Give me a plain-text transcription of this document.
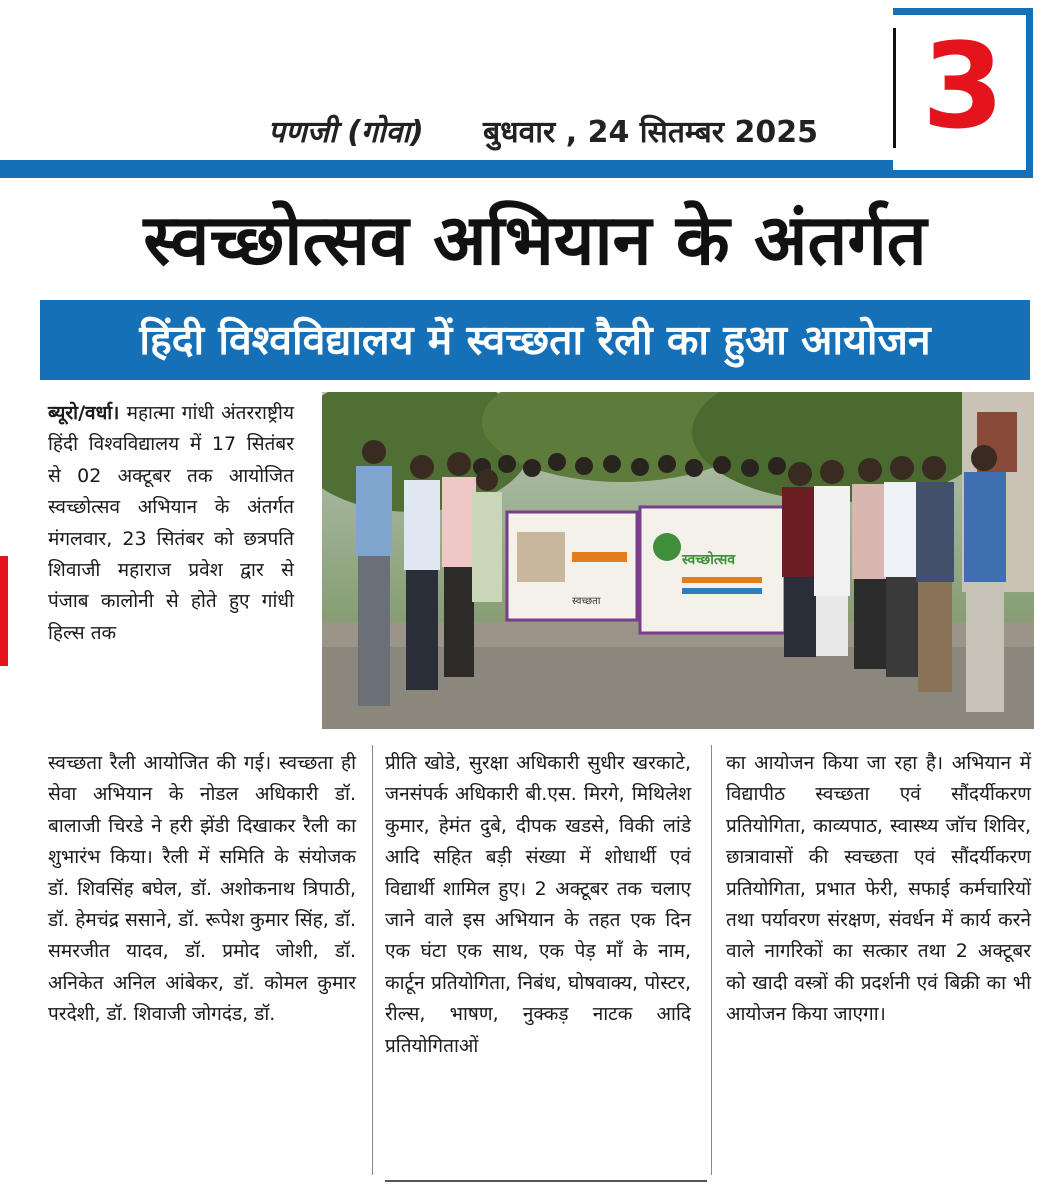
3
पणजी (गोवा) बुधवार , 24 सितम्बर 2025
स्वच्छोत्सव अभियान के अंतर्गत
हिंदी विश्वविद्यालय में स्वच्छता रैली का हुआ आयोजन
स्वच्छता
स्वच्छोत्सव
ब्यूरो/वर्धा। महात्मा गांधी अंतरराष्ट्रीय हिंदी विश्वविद्यालय में 17 सितंबर से 02 अक्टूबर तक आयोजित स्वच्छोत्सव अभियान के अंतर्गत मंगलवार, 23 सितंबर को छत्रपति शिवाजी महाराज प्रवेश द्वार से पंजाब कालोनी से होते हुए गांधी हिल्स तक
स्वच्छता रैली आयोजित की गई। स्वच्छता ही सेवा अभियान के नोडल अधिकारी डॉ. बालाजी चिरडे ने हरी झेंडी दिखाकर रैली का शुभारंभ किया। रैली में समिति के संयोजक डॉ. शिवसिंह बघेल, डॉ. अशोकनाथ त्रिपाठी, डॉ. हेमचंद्र ससाने, डॉ. रूपेश कुमार सिंह, डॉ. समरजीत यादव, डॉ. प्रमोद जोशी, डॉ. अनिकेत अनिल आंबेकर, डॉ. कोमल कुमार परदेशी, डॉ. शिवाजी जोगदंड, डॉ.
प्रीति खोडे, सुरक्षा अधिकारी सुधीर खरकाटे, जनसंपर्क अधिकारी बी.एस. मिरगे, मिथिलेश कुमार, हेमंत दुबे, दीपक खडसे, विकी लांडे आदि सहित बड़ी संख्या में शोधार्थी एवं विद्यार्थी शामिल हुए। 2 अक्टूबर तक चलाए जाने वाले इस अभियान के तहत एक दिन एक घंटा एक साथ, एक पेड़ माँ के नाम, कार्टून प्रतियोगिता, निबंध, घोषवाक्य, पोस्टर, रील्स, भाषण, नुक्कड़ नाटक आदि प्रतियोगिताओं
का आयोजन किया जा रहा है। अभियान में विद्यापीठ स्वच्छता एवं सौंदर्यीकरण प्रतियोगिता, काव्यपाठ, स्वास्थ्य जॉच शिविर, छात्रावासों की स्वच्छता एवं सौंदर्यीकरण प्रतियोगिता, प्रभात फेरी, सफाई कर्मचारियों तथा पर्यावरण संरक्षण, संवर्धन में कार्य करने वाले नागरिकों का सत्कार तथा 2 अक्टूबर को खादी वस्त्रों की प्रदर्शनी एवं बिक्री का भी आयोजन किया जाएगा।
